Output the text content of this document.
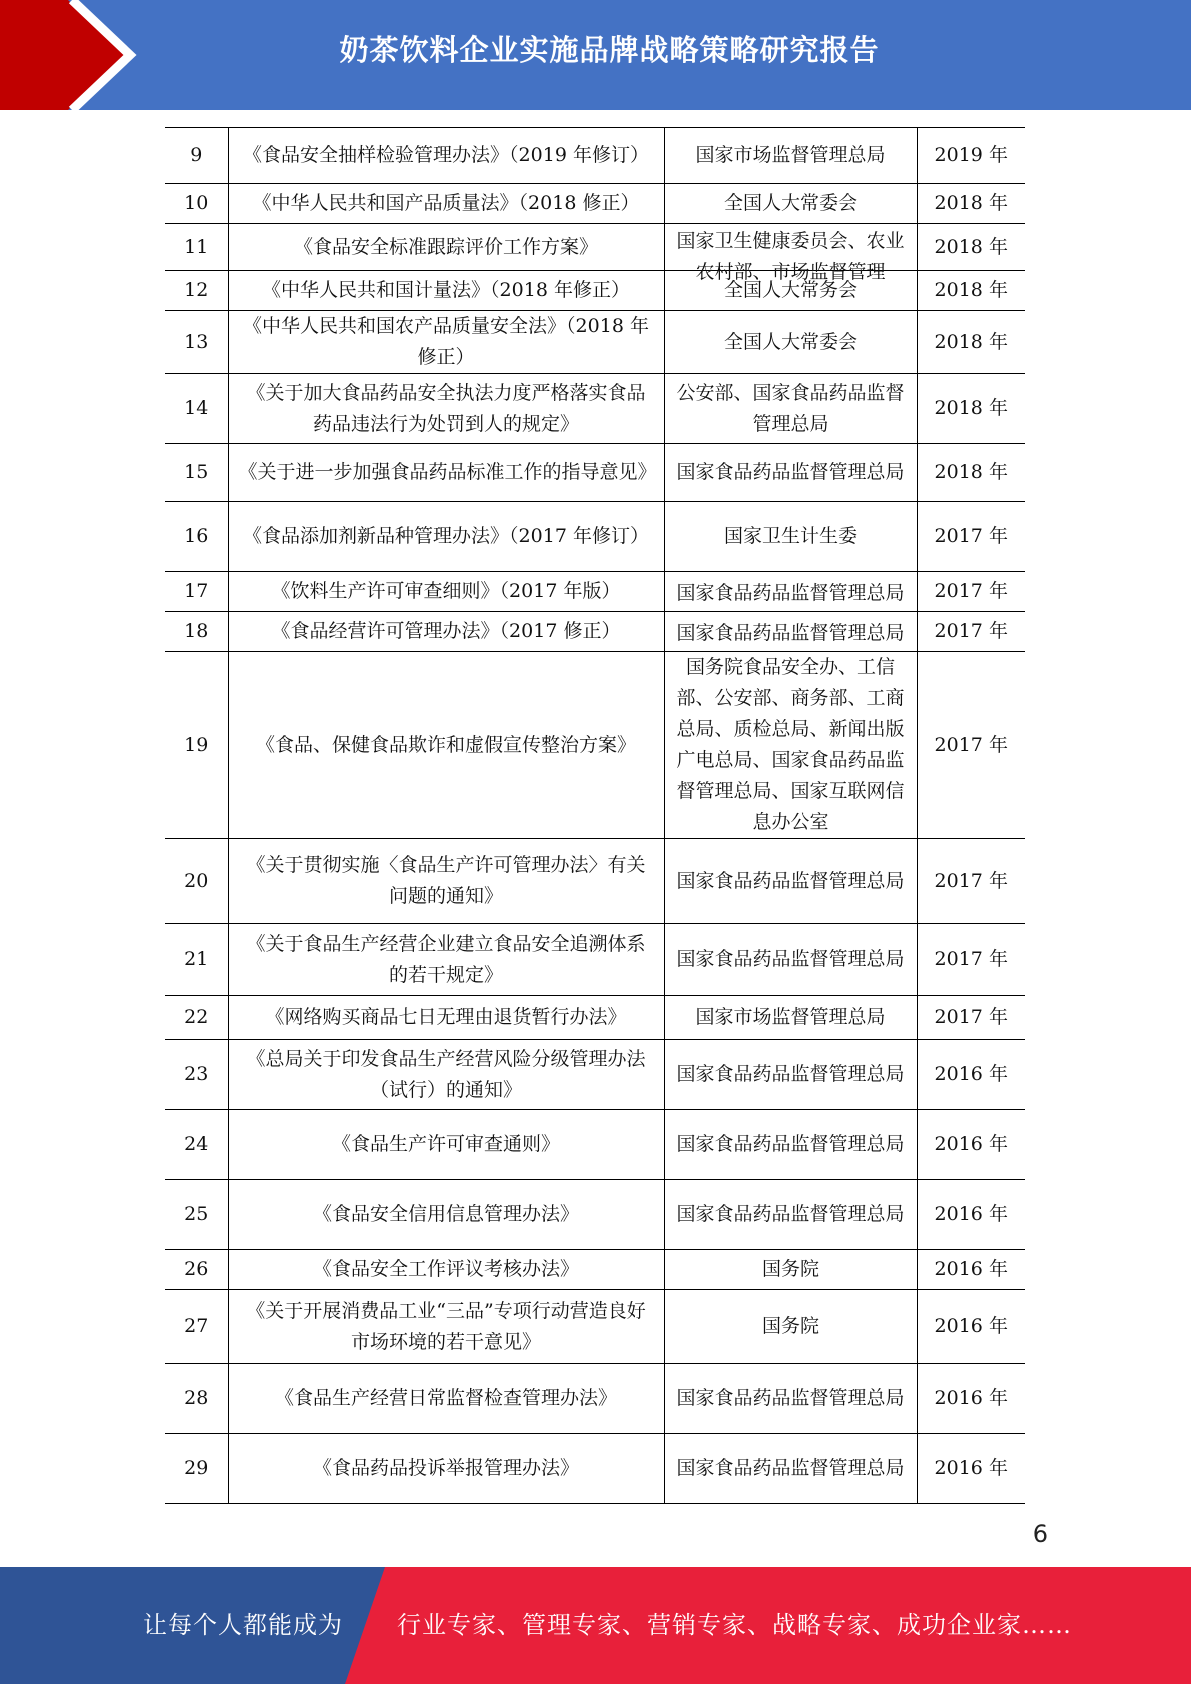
奶茶饮料企业实施品牌战略策略研究报告
9	《食品安全抽样检验管理办法》（2019 年修订）	国家市场监督管理总局	2019 年
10	《中华人民共和国产品质量法》（2018 修正）	全国人大常委会	2018 年
11	《食品安全标准跟踪评价工作方案》	国家卫生健康委员会、农业农村部、市场监督管理	2018 年
12	《中华人民共和国计量法》（2018 年修正）	全国人大常务会	2018 年
13	《中华人民共和国农产品质量安全法》（2018 年修正）	全国人大常委会	2018 年
14	《关于加大食品药品安全执法力度严格落实食品药品违法行为处罚到人的规定》	公安部、国家食品药品监督管理总局	2018 年
15	《关于进一步加强食品药品标准工作的指导意见》	国家食品药品监督管理总局	2018 年
16	《食品添加剂新品种管理办法》（2017 年修订）	国家卫生计生委	2017 年
17	《饮料生产许可审查细则》（2017 年版）	国家食品药品监督管理总局	2017 年
18	《食品经营许可管理办法》（2017 修正）	国家食品药品监督管理总局	2017 年
19	《食品、保健食品欺诈和虚假宣传整治方案》	国务院食品安全办、工信部、公安部、商务部、工商总局、质检总局、新闻出版广电总局、国家食品药品监督管理总局、国家互联网信息办公室	2017 年
20	《关于贯彻实施〈食品生产许可管理办法〉有关问题的通知》	国家食品药品监督管理总局	2017 年
21	《关于食品生产经营企业建立食品安全追溯体系的若干规定》	国家食品药品监督管理总局	2017 年
22	《网络购买商品七日无理由退货暂行办法》	国家市场监督管理总局	2017 年
23	《总局关于印发食品生产经营风险分级管理办法（试行）的通知》	国家食品药品监督管理总局	2016 年
24	《食品生产许可审查通则》	国家食品药品监督管理总局	2016 年
25	《食品安全信用信息管理办法》	国家食品药品监督管理总局	2016 年
26	《食品安全工作评议考核办法》	国务院	2016 年
27	《关于开展消费品工业“三品”专项行动营造良好市场环境的若干意见》	国务院	2016 年
28	《食品生产经营日常监督检查管理办法》	国家食品药品监督管理总局	2016 年
29	《食品药品投诉举报管理办法》	国家食品药品监督管理总局	2016 年
6
让每个人都能成为 行业专家、管理专家、营销专家、战略专家、成功企业家……
